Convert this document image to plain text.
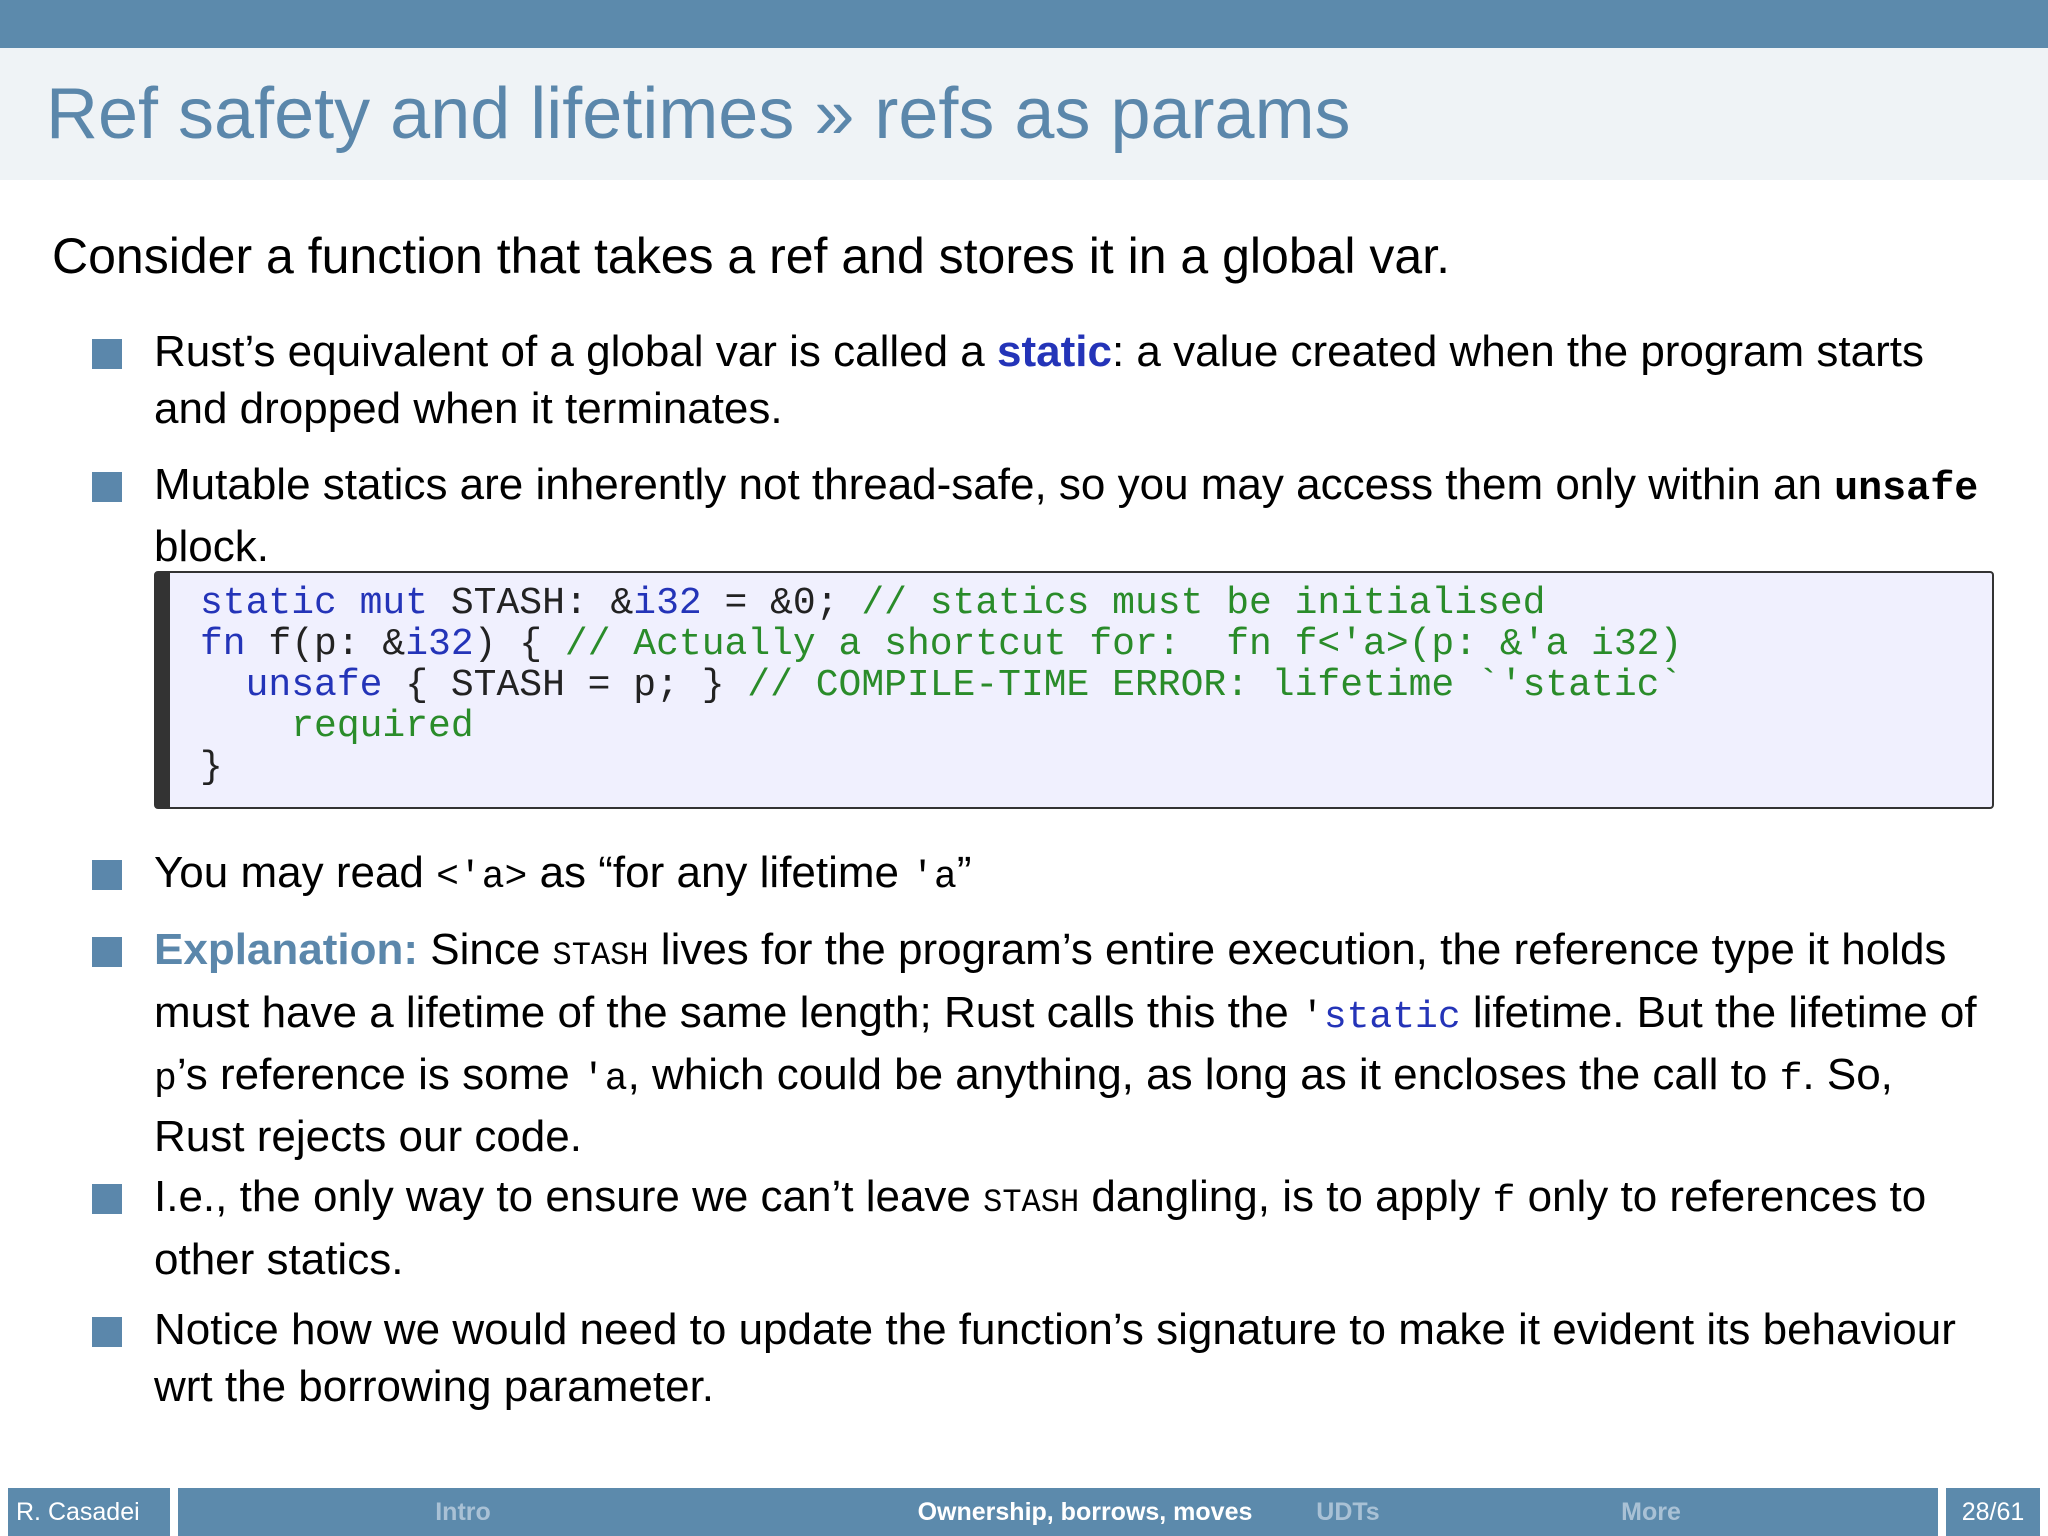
Ref safety and lifetimes » refs as params
Consider a function that takes a ref and stores it in a global var.
Rust’s equivalent of a global var is called a static: a value created when the program starts and dropped when it terminates.
Mutable statics are inherently not thread-safe, so you may access them only within an unsafe block.
static mut STASH: &i32 = &0; // statics must be initialised
fn f(p: &i32) { // Actually a shortcut for:  fn f<'a>(p: &'a i32)
unsafe { STASH = p; } // COMPILE-TIME ERROR: lifetime `'static`
required
}
You may read <'a> as “for any lifetime 'a”
Explanation: Since STASH lives for the program’s entire execution, the reference type it holds must have a lifetime of the same length; Rust calls this the 'static lifetime. But the lifetime of p’s reference is some 'a, which could be anything, as long as it encloses the call to f. So, Rust rejects our code.
I.e., the only way to ensure we can’t leave STASH dangling, is to apply f only to references to other statics.
Notice how we would need to update the function’s signature to make it evident its behaviour wrt the borrowing parameter.
R. Casadei	Intro	Ownership, borrows, moves	UDTs	More	28/61
